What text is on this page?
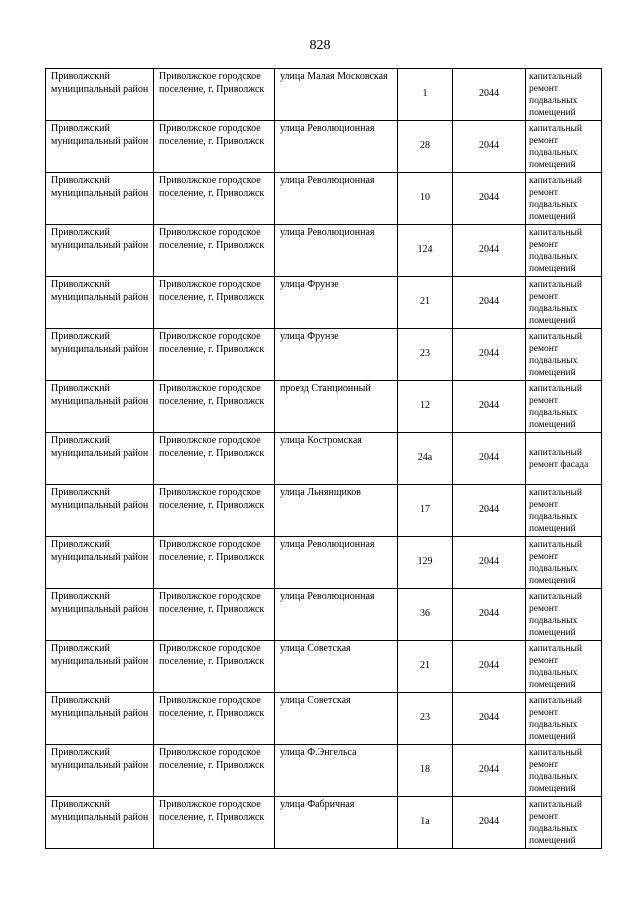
828
Приволжский муниципальный район	Приволжское городское поселение, г. Приволжск	улица Малая Московская	1	2044	капитальный ремонт подвальных помещений
Приволжский муниципальный район	Приволжское городское поселение, г. Приволжск	улица Революционная	28	2044	капитальный ремонт подвальных помещений
Приволжский муниципальный район	Приволжское городское поселение, г. Приволжск	улица Революционная	10	2044	капитальный ремонт подвальных помещений
Приволжский муниципальный район	Приволжское городское поселение, г. Приволжск	улица Революционная	124	2044	капитальный ремонт подвальных помещений
Приволжский муниципальный район	Приволжское городское поселение, г. Приволжск	улица Фрунзе	21	2044	капитальный ремонт подвальных помещений
Приволжский муниципальный район	Приволжское городское поселение, г. Приволжск	улица Фрунзе	23	2044	капитальный ремонт подвальных помещений
Приволжский муниципальный район	Приволжское городское поселение, г. Приволжск	проезд Станционный	12	2044	капитальный ремонт подвальных помещений
Приволжский муниципальный район	Приволжское городское поселение, г. Приволжск	улица Костромская	24а	2044	капитальный ремонт фасада
Приволжский муниципальный район	Приволжское городское поселение, г. Приволжск	улица Льнянщиков	17	2044	капитальный ремонт подвальных помещений
Приволжский муниципальный район	Приволжское городское поселение, г. Приволжск	улица Революционная	129	2044	капитальный ремонт подвальных помещений
Приволжский муниципальный район	Приволжское городское поселение, г. Приволжск	улица Революционная	36	2044	капитальный ремонт подвальных помещений
Приволжский муниципальный район	Приволжское городское поселение, г. Приволжск	улица Советская	21	2044	капитальный ремонт подвальных помещений
Приволжский муниципальный район	Приволжское городское поселение, г. Приволжск	улица Советская	23	2044	капитальный ремонт подвальных помещений
Приволжский муниципальный район	Приволжское городское поселение, г. Приволжск	улица Ф.Энгельса	18	2044	капитальный ремонт подвальных помещений
Приволжский муниципальный район	Приволжское городское поселение, г. Приволжск	улица Фабричная	1а	2044	капитальный ремонт подвальных помещений
